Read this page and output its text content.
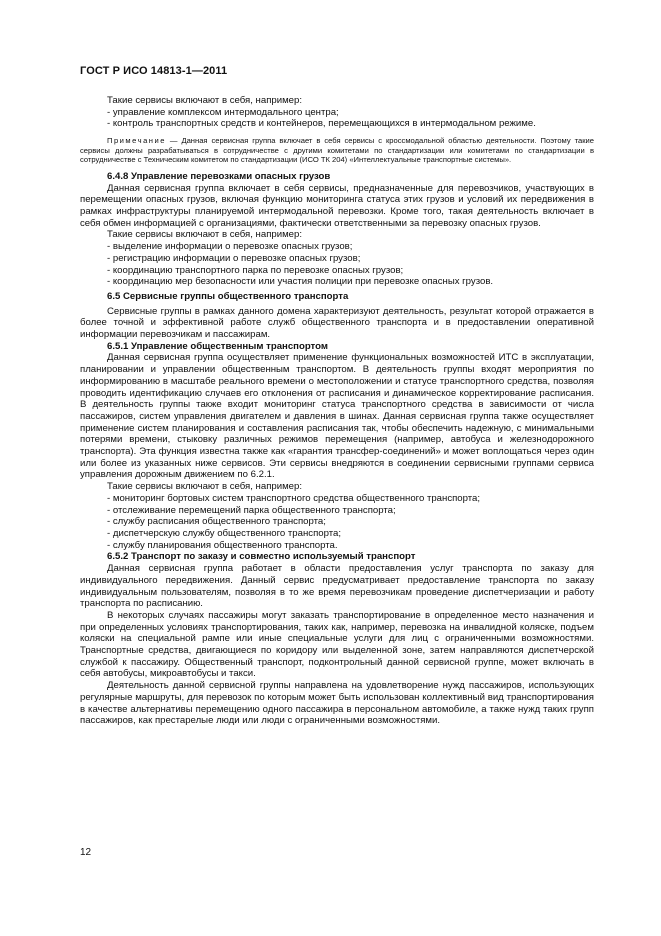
ГОСТ Р ИСО 14813-1—2011

Такие сервисы включают в себя, например:

- управление комплексом интермодального центра;

- контроль транспортных средств и контейнеров, перемещающихся в интермодальном режиме.

Примечание — Данная сервисная группа включает в себя сервисы с кроссмодальной областью деятельности. Поэтому такие сервисы должны разрабатываться в сотрудничестве с другими комитетами по стандартизации или комитетами по стандартизации в сотрудничестве с Техническим комитетом по стандартизации (ИСО ТК 204) «Интеллектуальные транспортные системы».

6.4.8 Управление перевозками опасных грузов

Данная сервисная группа включает в себя сервисы, предназначенные для перевозчиков, участвующих в перемещении опасных грузов, включая функцию мониторинга статуса этих грузов и условий их передвижения в рамках инфраструктуры планируемой интермодальной перевозки. Кроме того, такая деятельность включает в себя обмен информацией с организациями, фактически ответственными за перевозку опасных грузов.

Такие сервисы включают в себя, например:

- выделение информации о перевозке опасных грузов;

- регистрацию информации о перевозке опасных грузов;

- координацию транспортного парка по перевозке опасных грузов;

- координацию мер безопасности или участия полиции при перевозке опасных грузов.

6.5 Сервисные группы общественного транспорта

Сервисные группы в рамках данного домена характеризуют деятельность, результат которой отражается в более точной и эффективной работе служб общественного транспорта и в предоставлении оперативной информации перевозчикам и пассажирам.

6.5.1 Управление общественным транспортом

Данная сервисная группа осуществляет применение функциональных возможностей ИТС в эксплуатации, планировании и управлении общественным транспортом. В деятельность группы входят мероприятия по информированию в масштабе реального времени о местоположении и статусе транспортного средства, позволяя проводить идентификацию случаев его отклонения от расписания и динамическое корректирование расписания. В деятельность группы также входит мониторинг статуса транспортного средства в зависимости от числа пассажиров, систем управления двигателем и давления в шинах. Данная сервисная группа также осуществляет применение систем планирования и составления расписания так, чтобы обеспечить надежную, с минимальными потерями времени, стыковку различных режимов перемещения (например, автобуса и железнодорожного транспорта). Эта функция известна также как «гарантия трансфер-соединений» и может воплощаться через один или более из указанных ниже сервисов. Эти сервисы внедряются в соединении сервисными группами сервиса управления дорожным движением по 6.2.1.

Такие сервисы включают в себя, например:

- мониторинг бортовых систем транспортного средства общественного транспорта;

- отслеживание перемещений парка общественного транспорта;

- службу расписания общественного транспорта;

- диспетчерскую службу общественного транспорта;

- службу планирования общественного транспорта.

6.5.2 Транспорт по заказу и совместно используемый транспорт

Данная сервисная группа работает в области предоставления услуг транспорта по заказу для индивидуального передвижения. Данный сервис предусматривает предоставление транспорта по заказу индивидуальным пользователям, позволяя в то же время перевозчикам проведение диспетчеризации и работу транспорта по расписанию.

В некоторых случаях пассажиры могут заказать транспортирование в определенное место назначения и при определенных условиях транспортирования, таких как, например, перевозка на инвалидной коляске, подъем коляски на специальной рампе или иные специальные услуги для лиц с ограниченными возможностями. Транспортные средства, двигающиеся по коридору или выделенной зоне, затем направляются диспетчерской службой к пассажиру. Общественный транспорт, подконтрольный данной сервисной группе, может включать в себя автобусы, микроавтобусы и такси.

Деятельность данной сервисной группы направлена на удовлетворение нужд пассажиров, использующих регулярные маршруты, для перевозок по которым может быть использован коллективный вид транспортирования в качестве альтернативы перемещению одного пассажира в персональном автомобиле, а также нужд таких групп пассажиров, как престарелые люди или люди с ограниченными возможностями.

12
